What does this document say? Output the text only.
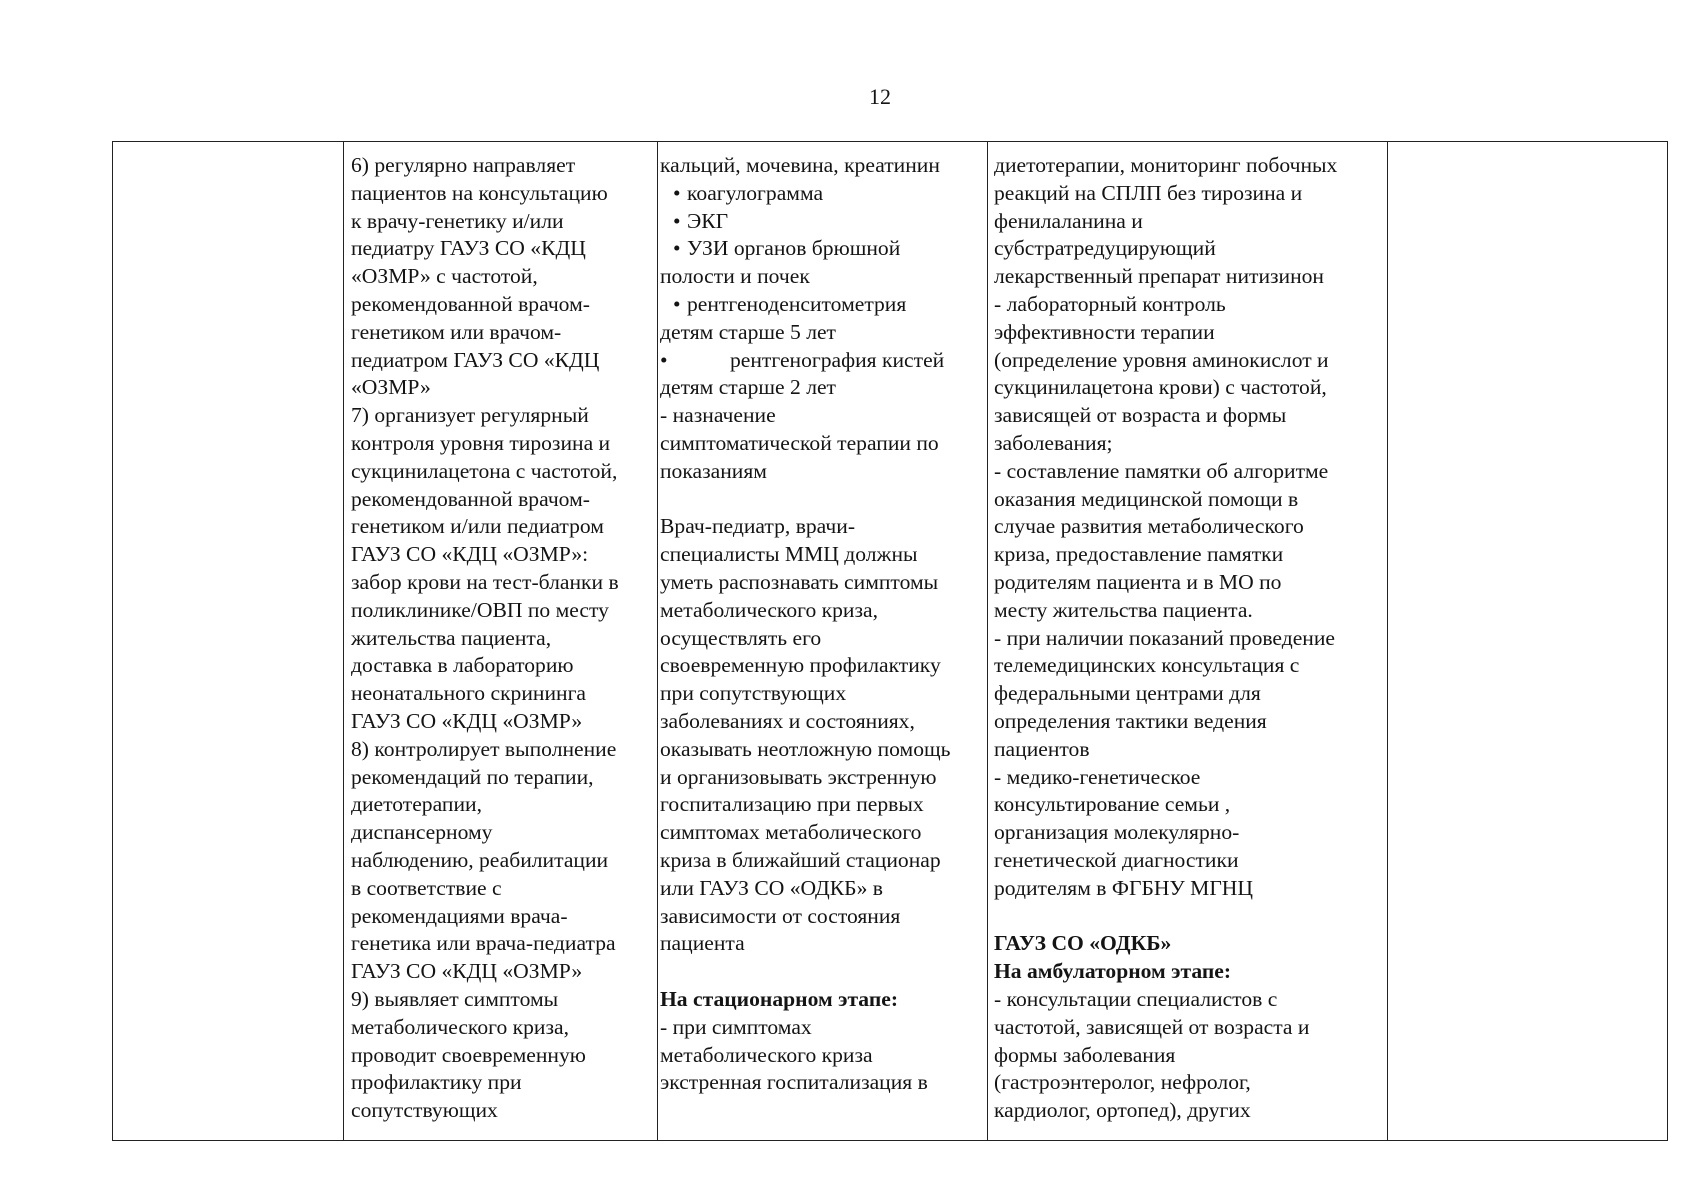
12
6) регулярно направляет
пациентов на консультацию
к врачу-генетику и/или
педиатру ГАУЗ СО «КДЦ
«ОЗМР» с частотой,
рекомендованной врачом-
генетиком или врачом-
педиатром ГАУЗ СО «КДЦ
«ОЗМР»
7) организует регулярный
контроля уровня тирозина и
сукцинилацетона с частотой,
рекомендованной врачом-
генетиком и/или педиатром
ГАУЗ СО «КДЦ «ОЗМР»:
забор крови на тест-бланки в
поликлинике/ОВП по месту
жительства пациента,
доставка в лабораторию
неонатального скрининга
ГАУЗ СО «КДЦ «ОЗМР»
8) контролирует выполнение
рекомендаций по терапии,
диетотерапии,
диспансерному
наблюдению, реабилитации
в соответствие с
рекомендациями врача-
генетика или врача-педиатра
ГАУЗ СО «КДЦ «ОЗМР»
9) выявляет симптомы
метаболического криза,
проводит своевременную
профилактику при
сопутствующих
кальций, мочевина, креатинин
• коагулограмма
• ЭКГ
• УЗИ органов брюшной
полости и почек
• рентгеноденситометрия
детям старше 5 лет
• рентгенография кистей
детям старше 2 лет
- назначение
симптоматической терапии по
показаниям
Врач-педиатр, врачи-
специалисты ММЦ должны
уметь распознавать симптомы
метаболического криза,
осуществлять его
своевременную профилактику
при сопутствующих
заболеваниях и состояниях,
оказывать неотложную помощь
и организовывать экстренную
госпитализацию при первых
симптомах метаболического
криза в ближайший стационар
или ГАУЗ СО «ОДКБ» в
зависимости от состояния
пациента
На стационарном этапе:
- при симптомах
метаболического криза
экстренная госпитализация в
диетотерапии, мониторинг побочных
реакций на СПЛП без тирозина и
фенилаланина и
субстратредуцирующий
лекарственный препарат нитизинон
- лабораторный контроль
эффективности терапии
(определение уровня аминокислот и
сукцинилацетона крови) с частотой,
зависящей от возраста и формы
заболевания;
- составление памятки об алгоритме
оказания медицинской помощи в
случае развития метаболического
криза, предоставление памятки
родителям пациента и в МО по
месту жительства пациента.
- при наличии показаний проведение
телемедицинских консультация с
федеральными центрами для
определения тактики ведения
пациентов
- медико-генетическое
консультирование семьи ,
организация молекулярно-
генетической диагностики
родителям в ФГБНУ МГНЦ
ГАУЗ СО «ОДКБ»
На амбулаторном этапе:
- консультации специалистов с
частотой, зависящей от возраста и
формы заболевания
(гастроэнтеролог, нефролог,
кардиолог, ортопед), других
